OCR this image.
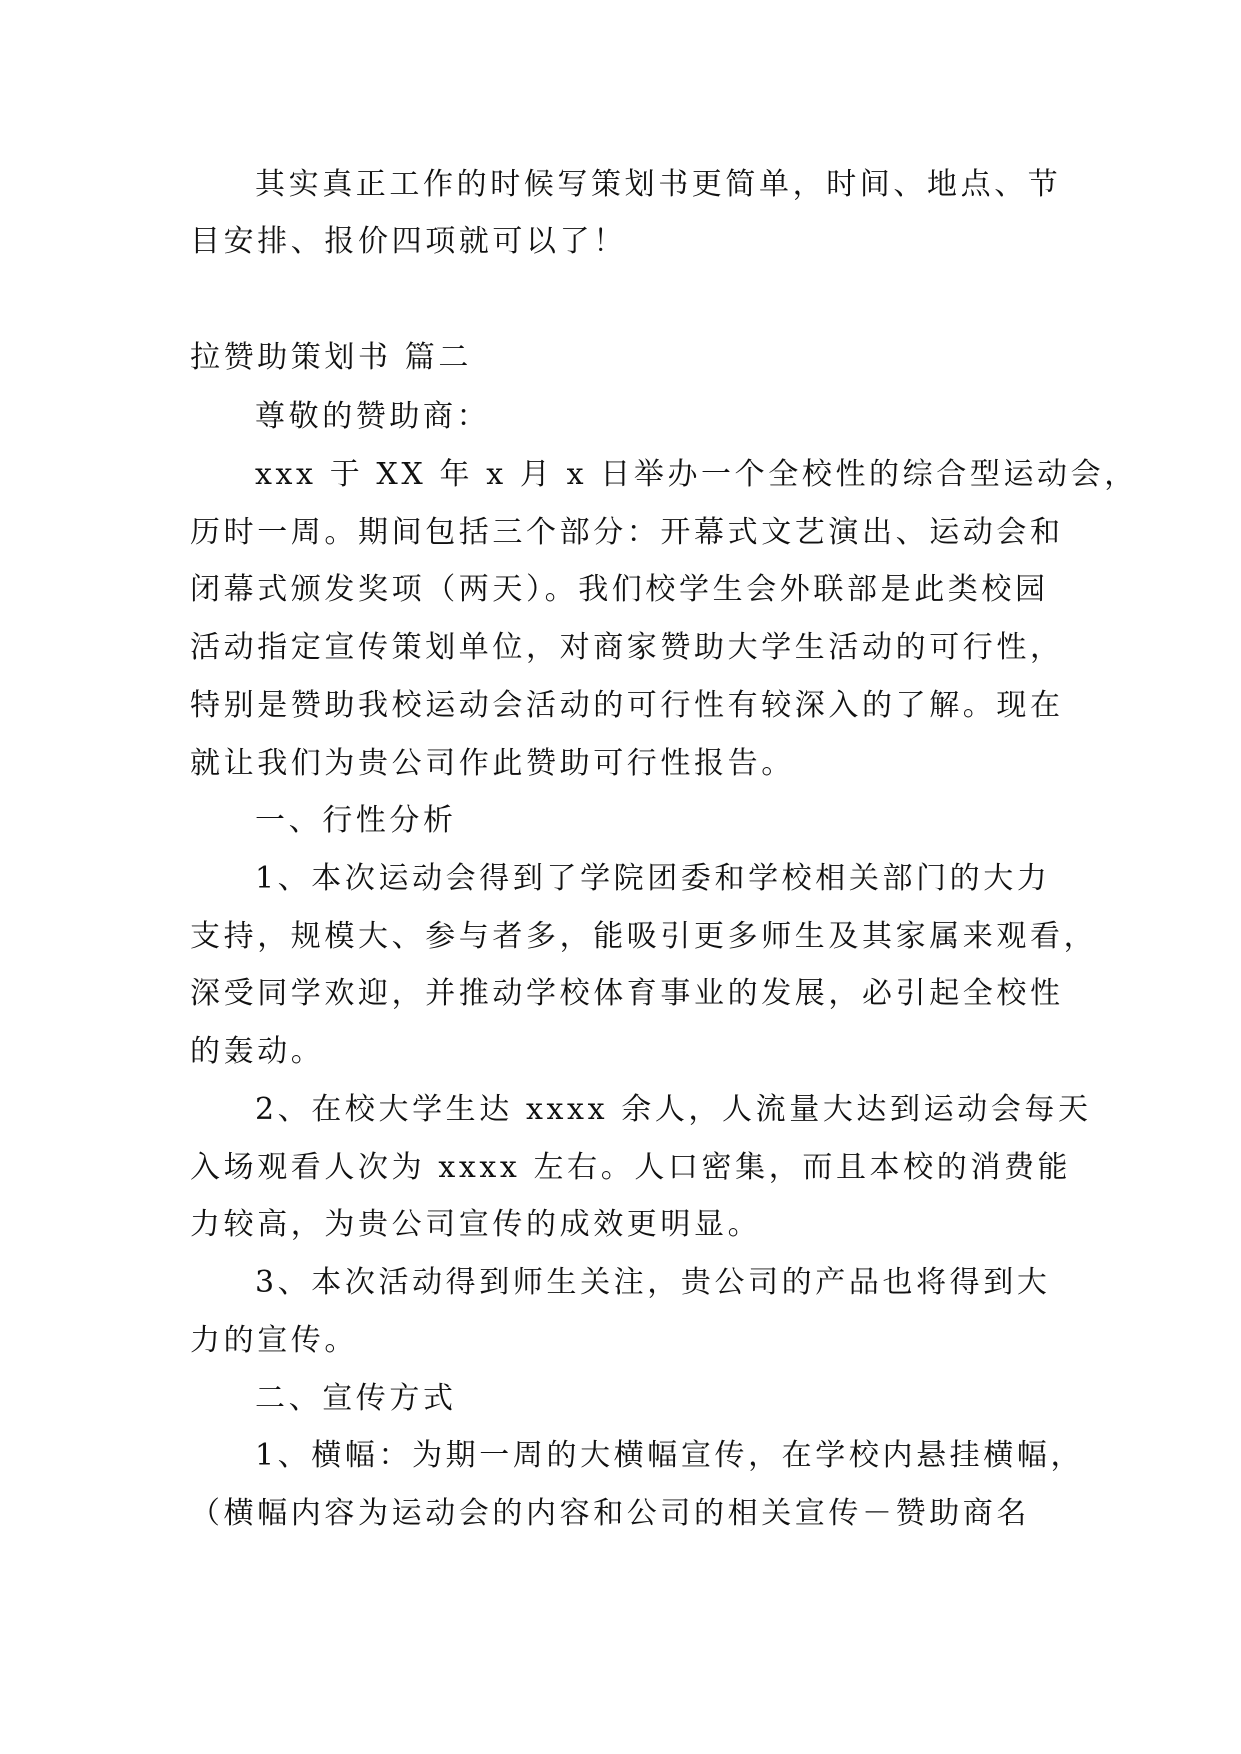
其实真正工作的时候写策划书更简单，时间、地点、节
目安排、报价四项就可以了！
拉赞助策划书 篇二
尊敬的赞助商：
xxx 于 XX 年 x 月 x 日举办一个全校性的综合型运动会，
历时一周。期间包括三个部分：开幕式文艺演出、运动会和
闭幕式颁发奖项（两天）。我们校学生会外联部是此类校园
活动指定宣传策划单位，对商家赞助大学生活动的可行性，
特别是赞助我校运动会活动的可行性有较深入的了解。现在
就让我们为贵公司作此赞助可行性报告。
一、行性分析
1、本次运动会得到了学院团委和学校相关部门的大力
支持，规模大、参与者多，能吸引更多师生及其家属来观看，
深受同学欢迎，并推动学校体育事业的发展，必引起全校性
的轰动。
2、在校大学生达 xxxx 余人，人流量大达到运动会每天
入场观看人次为 xxxx 左右。人口密集，而且本校的消费能
力较高，为贵公司宣传的成效更明显。
3、本次活动得到师生关注，贵公司的产品也将得到大
力的宣传。
二、宣传方式
1、横幅：为期一周的大横幅宣传，在学校内悬挂横幅，
（横幅内容为运动会的内容和公司的相关宣传－赞助商名
